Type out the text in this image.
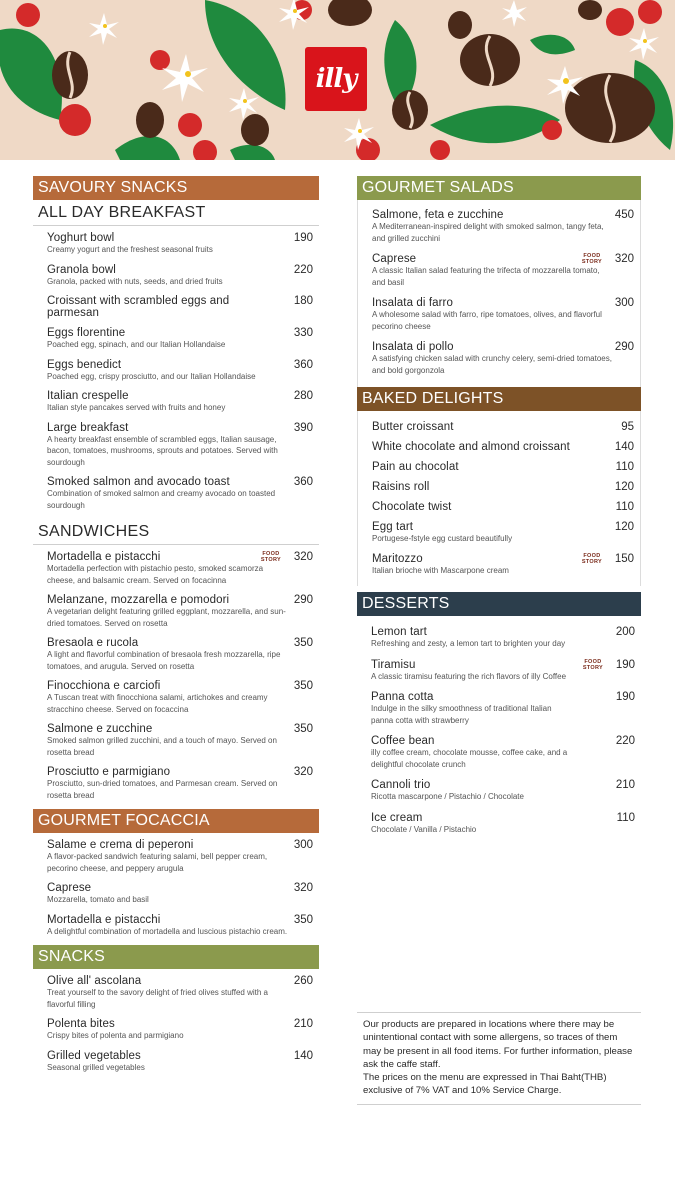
illy
SAVOURY SNACKS
ALL DAY BREAKFAST
Yoghurt bowl	190
Creamy yogurt and the freshest seasonal fruits
Granola bowl	220
Granola, packed with nuts, seeds, and dried fruits
Croissant with scrambled eggs and parmesan
180
Eggs florentine	330
Poached egg, spinach, and our Italian Hollandaise
Eggs benedict	360
Poached egg, crispy prosciutto, and our Italian Hollandaise
Italian crespelle	280
Italian style pancakes served with fruits and honey
Large breakfast	390
A hearty breakfast ensemble of scrambled eggs, Italian sausage, bacon, tomatoes, mushrooms, sprouts and potatoes. Served with sourdough
Smoked salmon and avocado toast	360
Combination of smoked salmon and creamy avocado on toasted sourdough
SANDWICHES
FOOD
STORY
Mortadella e pistacchi	320
Mortadella perfection with pistachio pesto, smoked scamorza cheese, and balsamic cream. Served on focacinna
Melanzane, mozzarella e pomodori	290
A vegetarian delight featuring grilled eggplant, mozzarella, and sun-dried tomatoes. Served on rosetta
Bresaola e rucola	350
A light and flavorful combination of bresaola fresh mozzarella, ripe tomatoes, and arugula. Served on rosetta
Finocchiona e carciofi	350
A Tuscan treat with finocchiona salami, artichokes and creamy stracchino cheese. Served on focaccina
Salmone e zucchine	350
Smoked salmon grilled zucchini, and a touch of mayo. Served on rosetta bread
Prosciutto e parmigiano	320
Prosciutto, sun-dried tomatoes, and Parmesan cream. Served on rosetta bread
GOURMET FOCACCIA
Salame e crema di peperoni	300
A flavor-packed sandwich featuring salami, bell pepper cream, pecorino cheese, and peppery arugula
Caprese	320
Mozzarella, tomato and basil
Mortadella e pistacchi	350
A delightful combination of mortadella and luscious pistachio cream.
SNACKS
Olive all' ascolana	260
Treat yourself to the savory delight of fried olives stuffed with a flavorful filling
Polenta bites	210
Crispy bites of polenta and parmigiano
Grilled vegetables	140
Seasonal grilled vegetables
GOURMET SALADS
Salmone, feta e zucchine	450
A Mediterranean-inspired delight with smoked salmon, tangy feta, and grilled zucchini
FOOD
STORY
Caprese	320
A classic Italian salad featuring the trifecta of mozzarella tomato, and basil
Insalata di farro	300
A wholesome salad with farro, ripe tomatoes, olives, and flavorful pecorino cheese
Insalata di pollo	290
A satisfying chicken salad with crunchy celery, semi-dried tomatoes, and bold gorgonzola
BAKED DELIGHTS
Butter croissant	95
White chocolate and almond croissant	140
Pain au chocolat	110
Raisins roll	120
Chocolate twist	110
Egg tart	120
Portugese-fstyle egg custard beautifully
FOOD
STORY
Maritozzo	150
Italian brioche with Mascarpone cream
DESSERTS
Lemon tart	200
Refreshing and zesty, a lemon tart to brighten your day
FOOD
STORY
Tiramisu	190
A classic tiramisu featuring the rich flavors of illy Coffee
Panna cotta	190
Indulge in the silky smoothness of traditional Italian panna cotta with strawberry
Coffee bean	220
illy coffee cream, chocolate mousse, coffee cake, and a delightful chocolate crunch
Cannoli trio	210
Ricotta mascarpone / Pistachio / Chocolate
Ice cream	110
Chocolate / Vanilla / Pistachio

Our products are prepared in locations where there may be unintentional contact with some allergens, so traces of them may be present in all food items. For further information, please ask the caffe staff.

The prices on the menu are expressed in Thai Baht(THB) exclusive of 7% VAT and 10% Service Charge.
